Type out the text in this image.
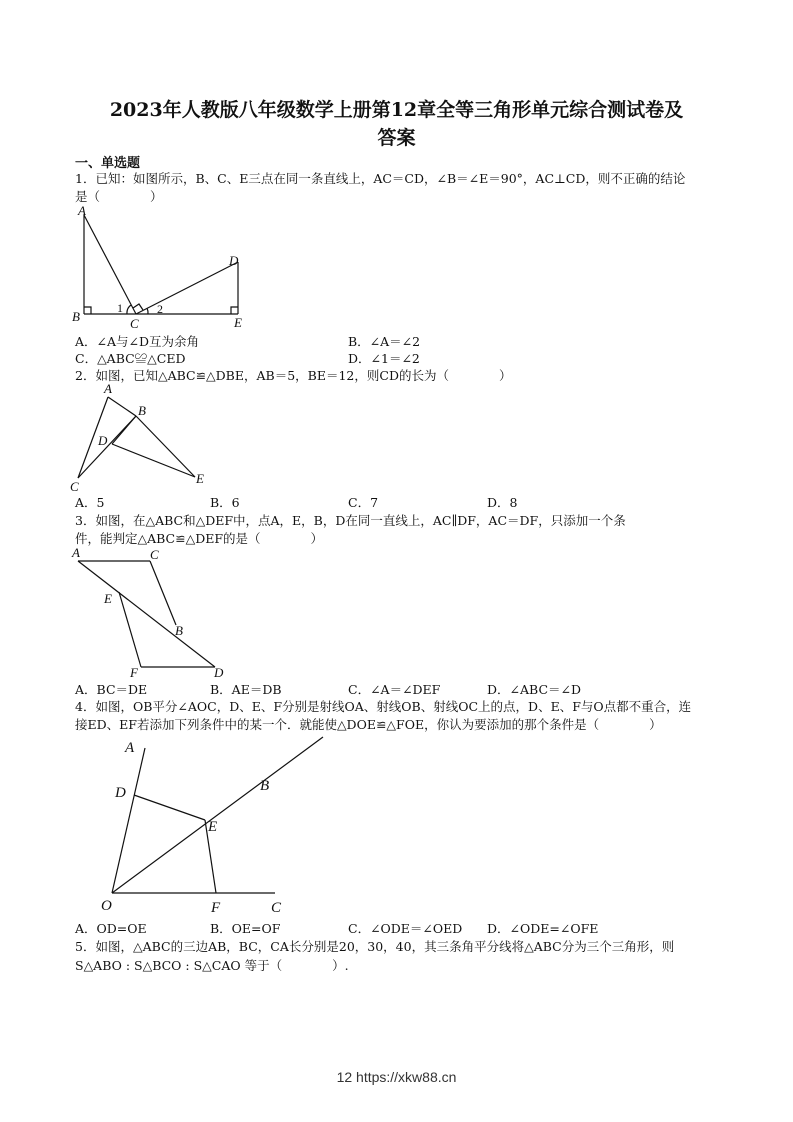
2023年人教版八年级数学上册第12章全等三角形单元综合测试卷及
答案
一、单选题
1．已知：如图所示，B、C、E三点在同一条直线上，AC＝CD，∠B＝∠E＝90°，AC⊥CD，则不正确的结论
是（　　　　）
A
B	C
D
E
1	2
A．∠A与∠D互为余角	B．∠A＝∠2
C．△ABC≌△CED	D．∠1＝∠2
2．如图，已知△ABC≌△DBE，AB＝5，BE＝12，则CD的长为（　　　　）
A
B
C
D
E
A．5	B．6	C．7	D．8
3．如图，在△ABC和△DEF中，点A，E，B，D在同一直线上，AC∥DF，AC＝DF，只添加一个条
件，能判定△ABC≌△DEF的是（　　　　）
A	C
E
B
F	D
A．BC＝DE	B．AE＝DB	C．∠A＝∠DEF	D．∠ABC＝∠D
4．如图，OB平分∠AOC，D、E、F分别是射线OA、射线OB、射线OC上的点，D、E、F与O点都不重合，连
接ED、EF若添加下列条件中的某一个．就能使△DOE≌△FOE，你认为要添加的那个条件是（　　　　）
A
B
D
E
O	F	C
A．OD=OE	B．OE=OF	C．∠ODE＝∠OED D．∠ODE=∠OFE
5．如图，△ABC的三边AB，BC，CA长分别是20，30，40，其三条角平分线将△ABC分为三个三角形，则
S△ABO : S△BCO : S△CAO 等于（　　　　）.
12 https://xkw88.cn
